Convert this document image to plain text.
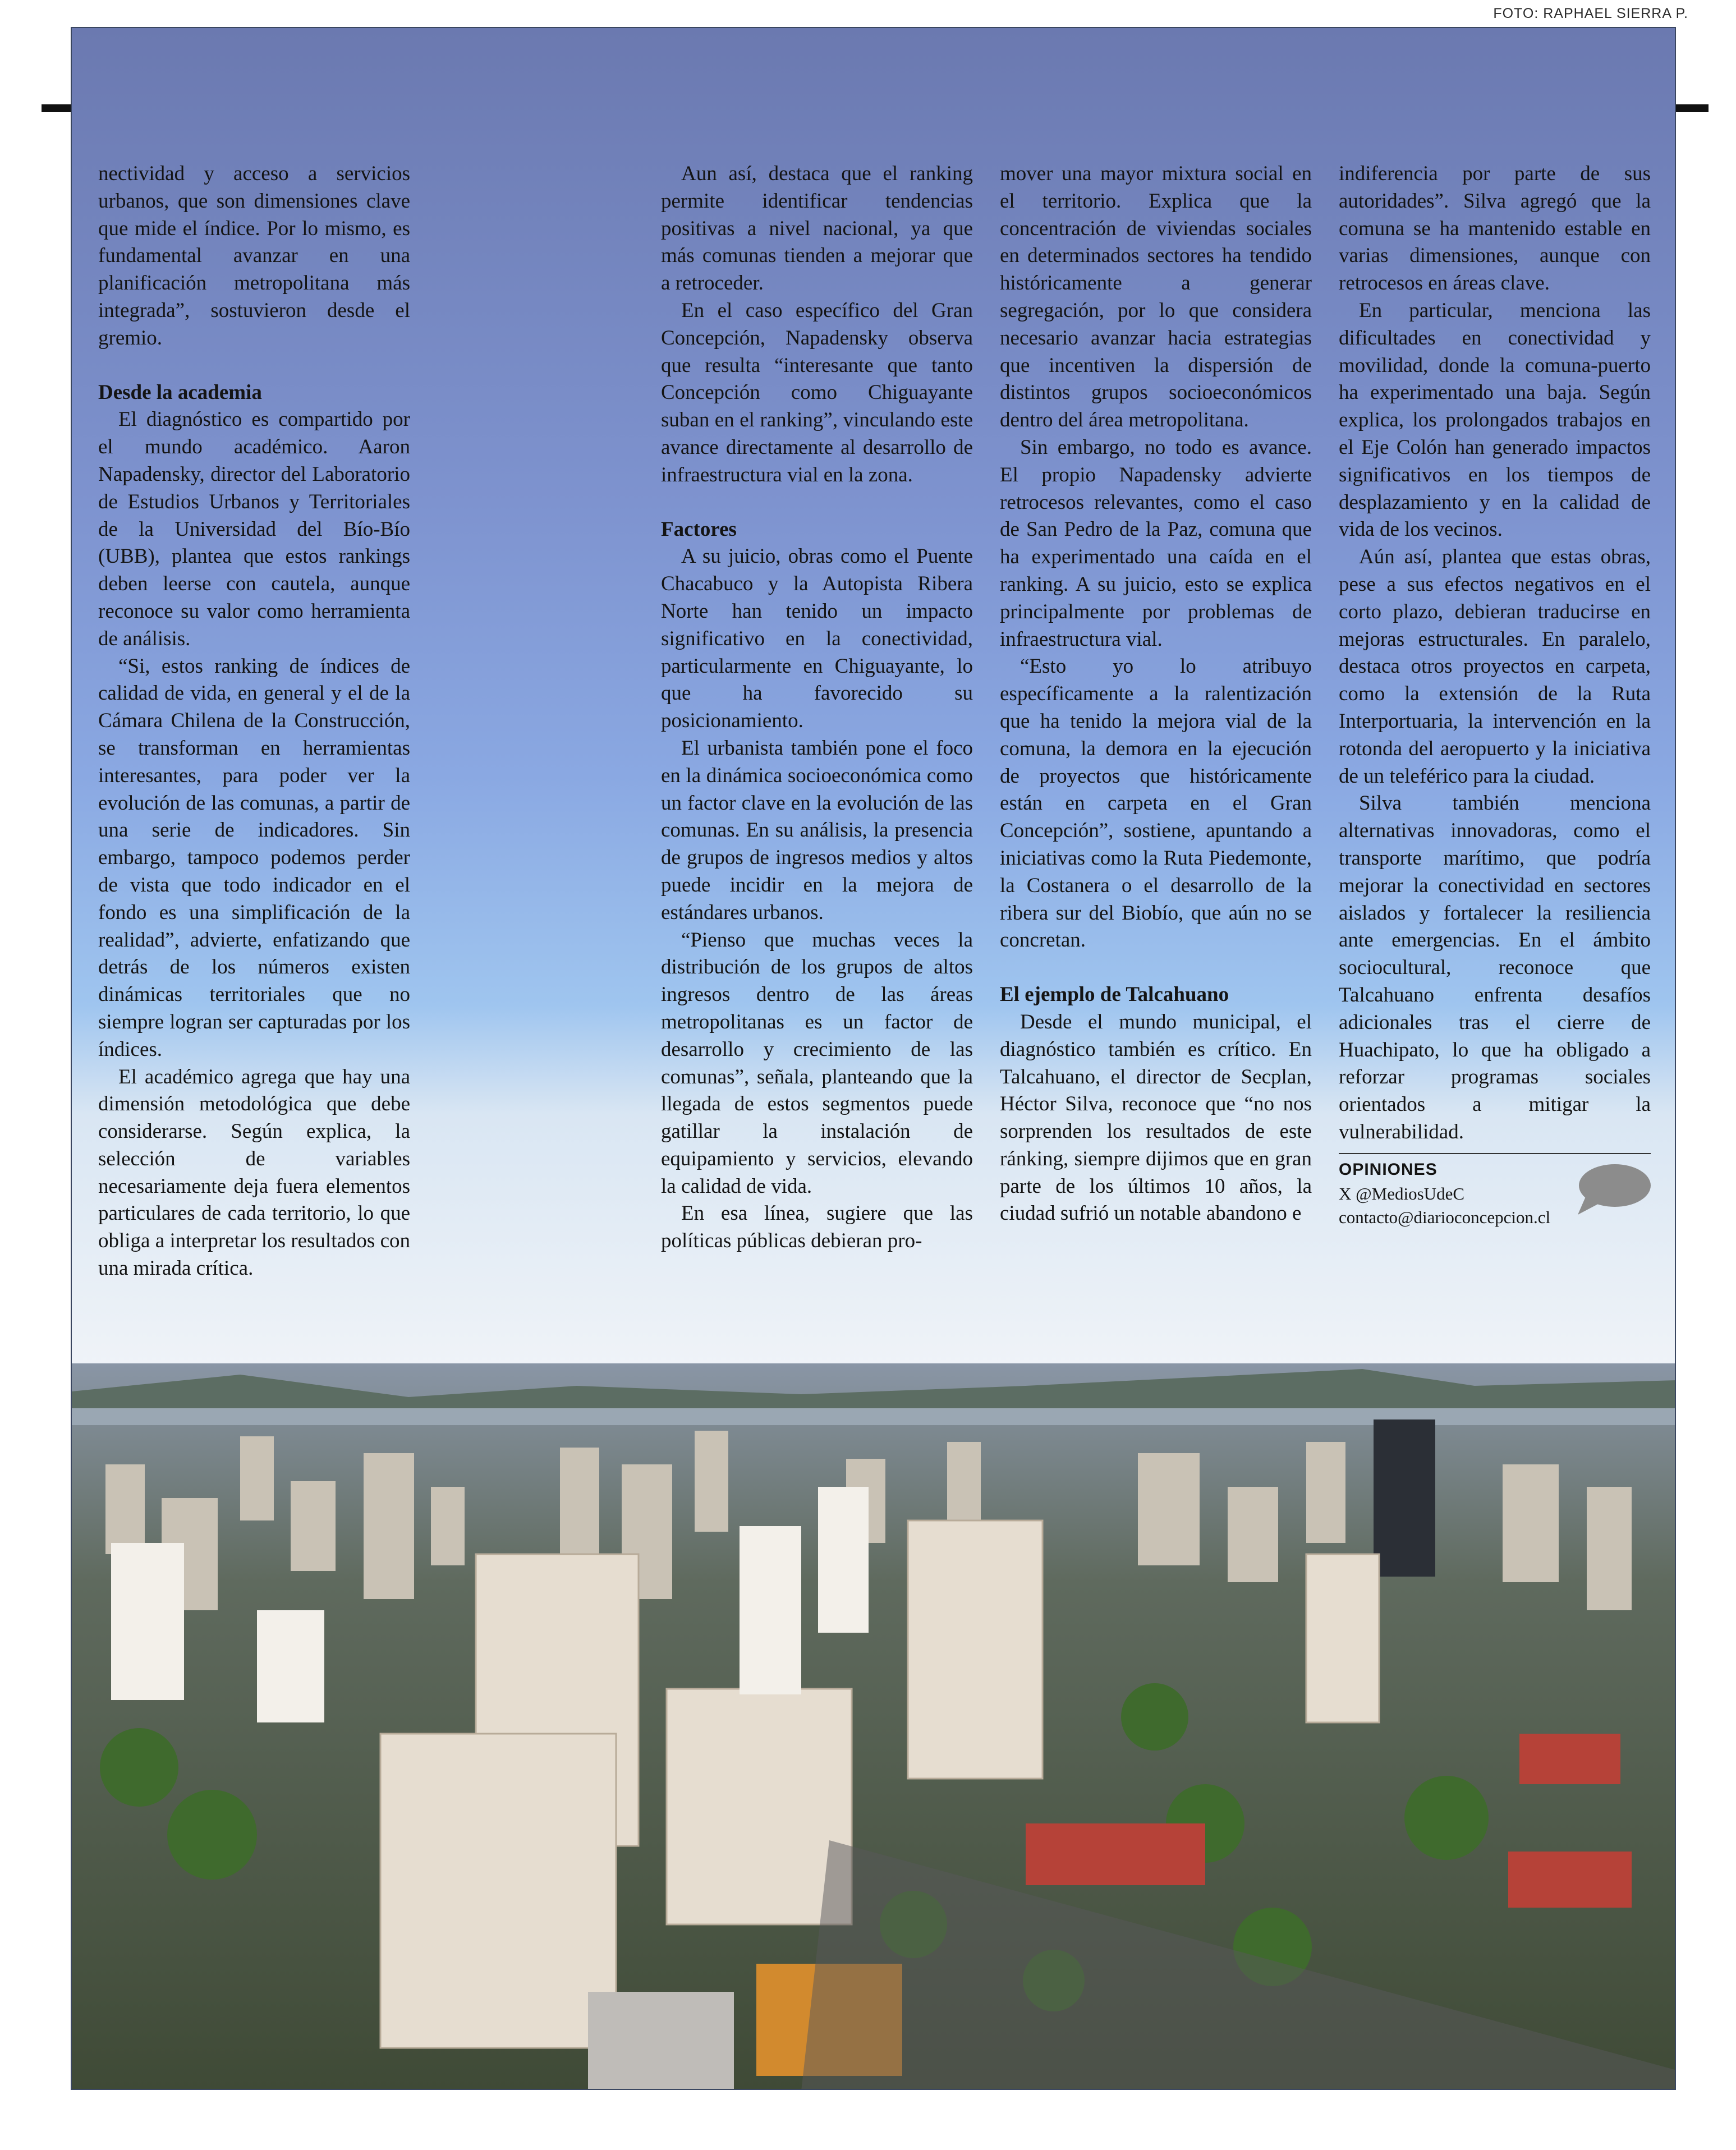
FOTO: RAPHAEL SIERRA P.

nectividad y acceso a servicios urbanos, que son dimensiones clave que mide el índice. Por lo mismo, es fundamental avanzar en una planificación metropolitana más integrada”, sostuvieron desde el gremio.

Desde la academia

El diagnóstico es compartido por el mundo académico. Aaron Napadensky, director del Laboratorio de Estudios Urbanos y Territoriales de la Universidad del Bío-Bío (UBB), plantea que estos rankings deben leerse con cautela, aunque reconoce su valor como herramienta de análisis.

“Si, estos ranking de índices de calidad de vida, en general y el de la Cámara Chilena de la Construcción, se transforman en herramientas interesantes, para poder ver la evolución de las comunas, a partir de una serie de indicadores. Sin embargo, tampoco podemos perder de vista que todo indicador en el fondo es una simplificación de la realidad”, advierte, enfatizando que detrás de los números existen dinámicas territoriales que no siempre logran ser capturadas por los índices.

El académico agrega que hay una dimensión metodológica que debe considerarse. Según explica, la selección de variables necesariamente deja fuera elementos particulares de cada territorio, lo que obliga a interpretar los resultados con una mirada crítica.

Aun así, destaca que el ranking permite identificar tendencias positivas a nivel nacional, ya que más comunas tienden a mejorar que a retroceder.

En el caso específico del Gran Concepción, Napadensky observa que resulta “interesante que tanto Concepción como Chiguayante suban en el ranking”, vinculando este avance directamente al desarrollo de infraestructura vial en la zona.

Factores

A su juicio, obras como el Puente Chacabuco y la Autopista Ribera Norte han tenido un impacto significativo en la conectividad, particularmente en Chiguayante, lo que ha favorecido su posicionamiento.

El urbanista también pone el foco en la dinámica socioeconómica como un factor clave en la evolución de las comunas. En su análisis, la presencia de grupos de ingresos medios y altos puede incidir en la mejora de estándares urbanos.

“Pienso que muchas veces la distribución de los grupos de altos ingresos dentro de las áreas metropolitanas es un factor de desarrollo y crecimiento de las comunas”, señala, planteando que la llegada de estos segmentos puede gatillar la instalación de equipamiento y servicios, elevando la calidad de vida.

En esa línea, sugiere que las políticas públicas debieran pro-

mover una mayor mixtura social en el territorio. Explica que la concentración de viviendas sociales en determinados sectores ha tendido históricamente a generar segregación, por lo que considera necesario avanzar hacia estrategias que incentiven la dispersión de distintos grupos socioeconómicos dentro del área metropolitana.

Sin embargo, no todo es avance. El propio Napadensky advierte retrocesos relevantes, como el caso de San Pedro de la Paz, comuna que ha experimentado una caída en el ranking. A su juicio, esto se explica principalmente por problemas de infraestructura vial.

“Esto yo lo atribuyo específicamente a la ralentización que ha tenido la mejora vial de la comuna, la demora en la ejecución de proyectos que históricamente están en carpeta en el Gran Concepción”, sostiene, apuntando a iniciativas como la Ruta Piedemonte, la Costanera o el desarrollo de la ribera sur del Biobío, que aún no se concretan.

El ejemplo de Talcahuano

Desde el mundo municipal, el diagnóstico también es crítico. En Talcahuano, el director de Secplan, Héctor Silva, reconoce que “no nos sorprenden los resultados de este ránking, siempre dijimos que en gran parte de los últimos 10 años, la ciudad sufrió un notable abandono e

indiferencia por parte de sus autoridades”. Silva agregó que la comuna se ha mantenido estable en varias dimensiones, aunque con retrocesos en áreas clave.

En particular, menciona las dificultades en conectividad y movilidad, donde la comuna-puerto ha experimentado una baja. Según explica, los prolongados trabajos en el Eje Colón han generado impactos significativos en los tiempos de desplazamiento y en la calidad de vida de los vecinos.

Aún así, plantea que estas obras, pese a sus efectos negativos en el corto plazo, debieran traducirse en mejoras estructurales. En paralelo, destaca otros proyectos en carpeta, como la extensión de la Ruta Interportuaria, la intervención en la rotonda del aeropuerto y la iniciativa de un teleférico para la ciudad.

Silva también menciona alternativas innovadoras, como el transporte marítimo, que podría mejorar la conectividad en sectores aislados y fortalecer la resiliencia ante emergencias. En el ámbito sociocultural, reconoce que Talcahuano enfrenta desafíos adicionales tras el cierre de Huachipato, lo que ha obligado a reforzar programas sociales orientados a mitigar la vulnerabilidad.

OPINIONES
X @MediosUdeC
contacto@diarioconcepcion.cl
